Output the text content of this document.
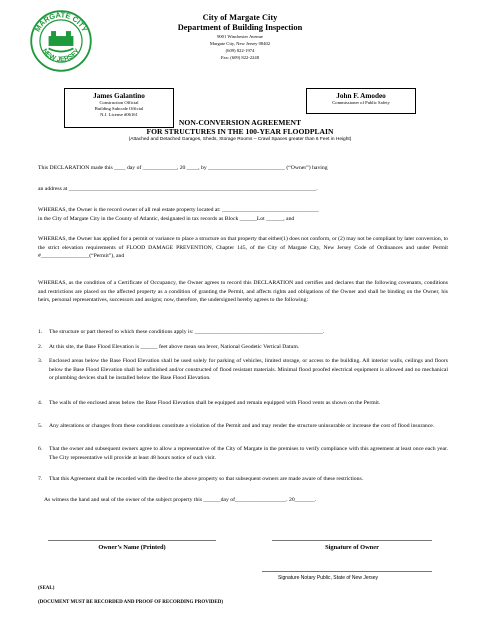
MARGATE CITY
NEW JERSEY
City of Margate City
Department of Building Inspection
9001 Winchester Avenue
Margate City, New Jersey 08402
(609) 822-1974
Fax: (609) 822-2248
James Galantino
Construction Official
Building Subcode Official
N.J. License #06161
John F. Amodeo
Commissioner of Public Safety
NON-CONVERSION AGREEMENT
FOR STRUCTURES IN THE 100-YEAR FLOODPLAIN
(Attached and Detached Garages, Sheds, Storage Rooms – Crawl Spaces greater than 6 Feet in Height)
This DECLARATION made this ____ day of ____________, 20 ____, by ___________________________ (“Owner”) having
an address at _______________________________________________________________________________________.
WHEREAS, the Owner is the record owner of all real estate property located at: __________________________________
in the City of Margate City in the County of Atlantic, designated in tax records as Block ______Lot ______, and
WHEREAS, the Owner has applied for a permit or variance to place a structure on that property that either(1) does not conform, or (2) may not be compliant by later conversion, to the strict elevation requirements of FLOOD DAMAGE PREVENTION, Chapter 145, of the City of Margate City, New Jersey Code of Ordinances and under Permit #_________________(“Permit”), and
WHEREAS, as the condition of a Certificate of Occupancy, the Owner agrees to record this DECLARATION and certifies and declares that the following covenants, conditions and restrictions are placed on the affected property as a condition of granting the Permit, and affects rights and obligations of the Owner and shall be binding on the Owner, his heirs, personal representatives, successors and assigns; now, therefore, the undersigned hereby agrees to the following:
1. The structure or part thereof to which these conditions apply is: _____________________________________________.
2. At this site, the Base Flood Elevation is ______ feet above mean sea lever, National Geodetic Vertical Datum.
3. Enclosed areas below the Base Flood Elevation shall be used solely for parking of vehicles, limited storage, or access to the building. All interior walls, ceilings and floors below the Base Flood Elevation shall be unfinished and/or constructed of flood resistant materials. Minimal flood proofed electrical equipment is allowed and no mechanical or plumbing devices shall be installed below the Base Flood Elevation.
4. The walls of the enclosed areas below the Base Flood Elevation shall be equipped and remain equipped with Flood vents as shown on the Permit.
5. Any alterations or changes from these conditions constitute a violation of the Permit and and may render the structure uninsurable or increase the cost of flood insurance.
6. That the owner and subsequent owners agree to allow a representative of the City of Margate in the premises to verify compliance with this agreement at least once each year. The City representative will provide at least 48 hours notice of such visit.
7. That this Agreement shall be recorded with the deed to the above property so that subsequent owners are made aware of these restrictions.
As witness the hand and seal of the owner of the subject property this ______day of__________________. 20_______.
Owner’s Name (Printed)	Signature of Owner
Signature Notary Public, State of New Jersey
(SEAL)
(DOCUMENT MUST BE RECORDED AND PROOF OF RECORDING PROVIDED)
